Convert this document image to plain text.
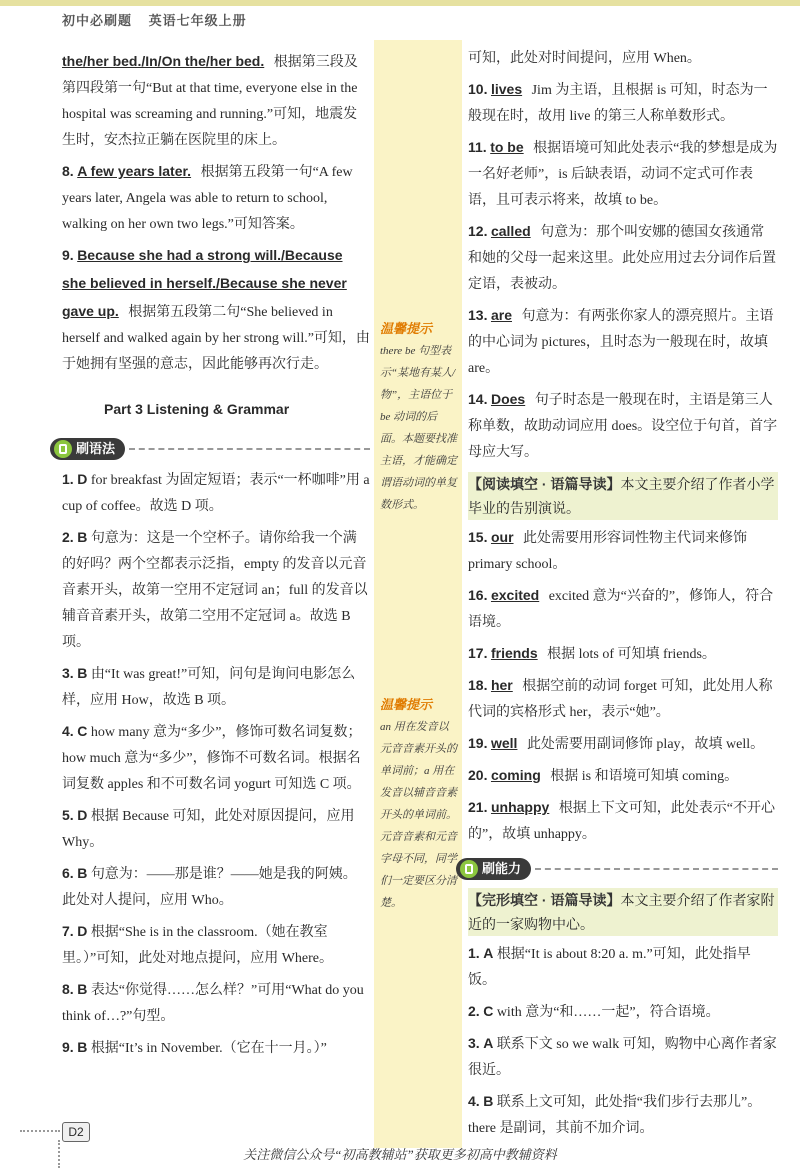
初中必刷题 英语七年级上册
the/her bed./In/On the/her bed. 根据第三段及第四段第一句“But at that time, everyone else in the hospital was screaming and running.”可知，地震发生时，安杰拉正躺在医院里的床上。
8. A few years later. 根据第五段第一句“A few years later, Angela was able to return to school, walking on her own two legs.”可知答案。
9. Because she had a strong will./Because she believed in herself./Because she never gave up. 根据第五段第二句“She believed in herself and walked again by her strong will.”可知，由于她拥有坚强的意志，因此能够再次行走。
Part 3 Listening & Grammar
刷语法
1. D for breakfast 为固定短语；表示“一杯咖啡”用 a cup of coffee。故选 D 项。
2. B 句意为：这是一个空杯子。请你给我一个满的好吗？两个空都表示泛指，empty 的发音以元音音素开头，故第一空用不定冠词 an；full 的发音以辅音音素开头，故第二空用不定冠词 a。故选 B 项。
3. B 由“It was great!”可知，问句是询问电影怎么样，应用 How，故选 B 项。
4. C how many 意为“多少”，修饰可数名词复数；how much 意为“多少”，修饰不可数名词。根据名词复数 apples 和不可数名词 yogurt 可知选 C 项。
5. D 根据 Because 可知，此处对原因提问，应用 Why。
6. B 句意为：——那是谁？——她是我的阿姨。此处对人提问，应用 Who。
7. D 根据“She is in the classroom.（她在教室里。）”可知，此处对地点提问，应用 Where。
8. B 表达“你觉得……怎么样？”可用“What do you think of…?”句型。
9. B 根据“It’s in November.（它在十一月。）”
温馨提示
there be 句型表示“某地有某人/物”，主语位于 be 动词的后面。本题要找准主语，才能确定谓语动词的单复数形式。
温馨提示
an 用在发音以元音音素开头的单词前；a 用在发音以辅音音素开头的单词前。元音音素和元音字母不同，同学们一定要区分清楚。
可知，此处对时间提问，应用 When。
10. lives Jim 为主语，且根据 is 可知，时态为一般现在时，故用 live 的第三人称单数形式。
11. to be 根据语境可知此处表示“我的梦想是成为一名好老师”，is 后缺表语，动词不定式可作表语，且可表示将来，故填 to be。
12. called 句意为：那个叫安娜的德国女孩通常和她的父母一起来这里。此处应用过去分词作后置定语，表被动。
13. are 句意为：有两张你家人的漂亮照片。主语的中心词为 pictures，且时态为一般现在时，故填 are。
14. Does 句子时态是一般现在时，主语是第三人称单数，故助动词应用 does。设空位于句首，首字母应大写。
【阅读填空 · 语篇导读】本文主要介绍了作者小学毕业的告别演说。
15. our 此处需要用形容词性物主代词来修饰 primary school。
16. excited excited 意为“兴奋的”，修饰人，符合语境。
17. friends 根据 lots of 可知填 friends。
18. her 根据空前的动词 forget 可知，此处用人称代词的宾格形式 her，表示“她”。
19. well 此处需要用副词修饰 play，故填 well。
20. coming 根据 is 和语境可知填 coming。
21. unhappy 根据上下文可知，此处表示“不开心的”，故填 unhappy。
刷能力
【完形填空 · 语篇导读】本文主要介绍了作者家附近的一家购物中心。
1. A 根据“It is about 8:20 a. m.”可知，此处指早饭。
2. C with 意为“和……一起”，符合语境。
3. A 联系下文 so we walk 可知，购物中心离作者家很近。
4. B 联系上文可知，此处指“我们步行去那儿”。there 是副词，其前不加介词。
D2
关注微信公众号“初高教辅站”获取更多初高中教辅资料
